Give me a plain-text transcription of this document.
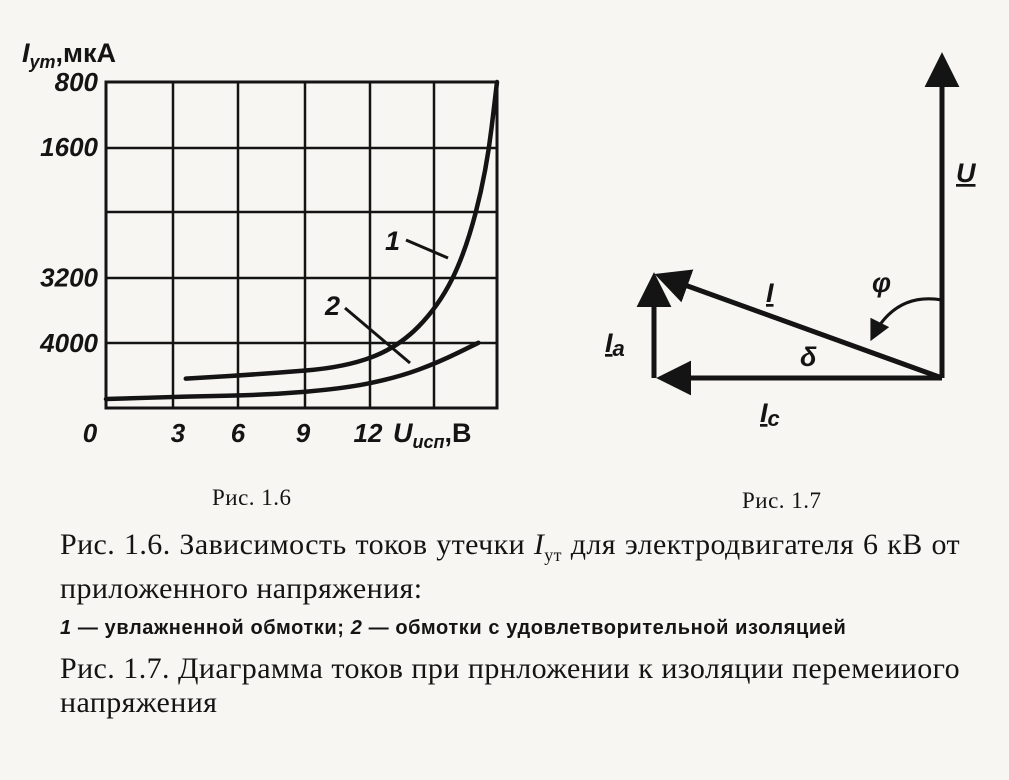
4000
3200
1600
800
0	3 6 9 12
$I_{ут},мкА$
$U_{исп},В$
1
2
U
I
Ia
Ic
φ
δ
Рис. 1.6	Рис. 1.7

Рис. 1.6. Зависимость токов утечки $I_{ут}$ для электродвигателя 6 кВ от приложенного напряжения:

1 — увлажненной обмотки; 2 — обмотки с удовлетворительной изоляцией

Рис. 1.7. Диаграмма токов при прнложении к изоляции перемеииого напряжения
